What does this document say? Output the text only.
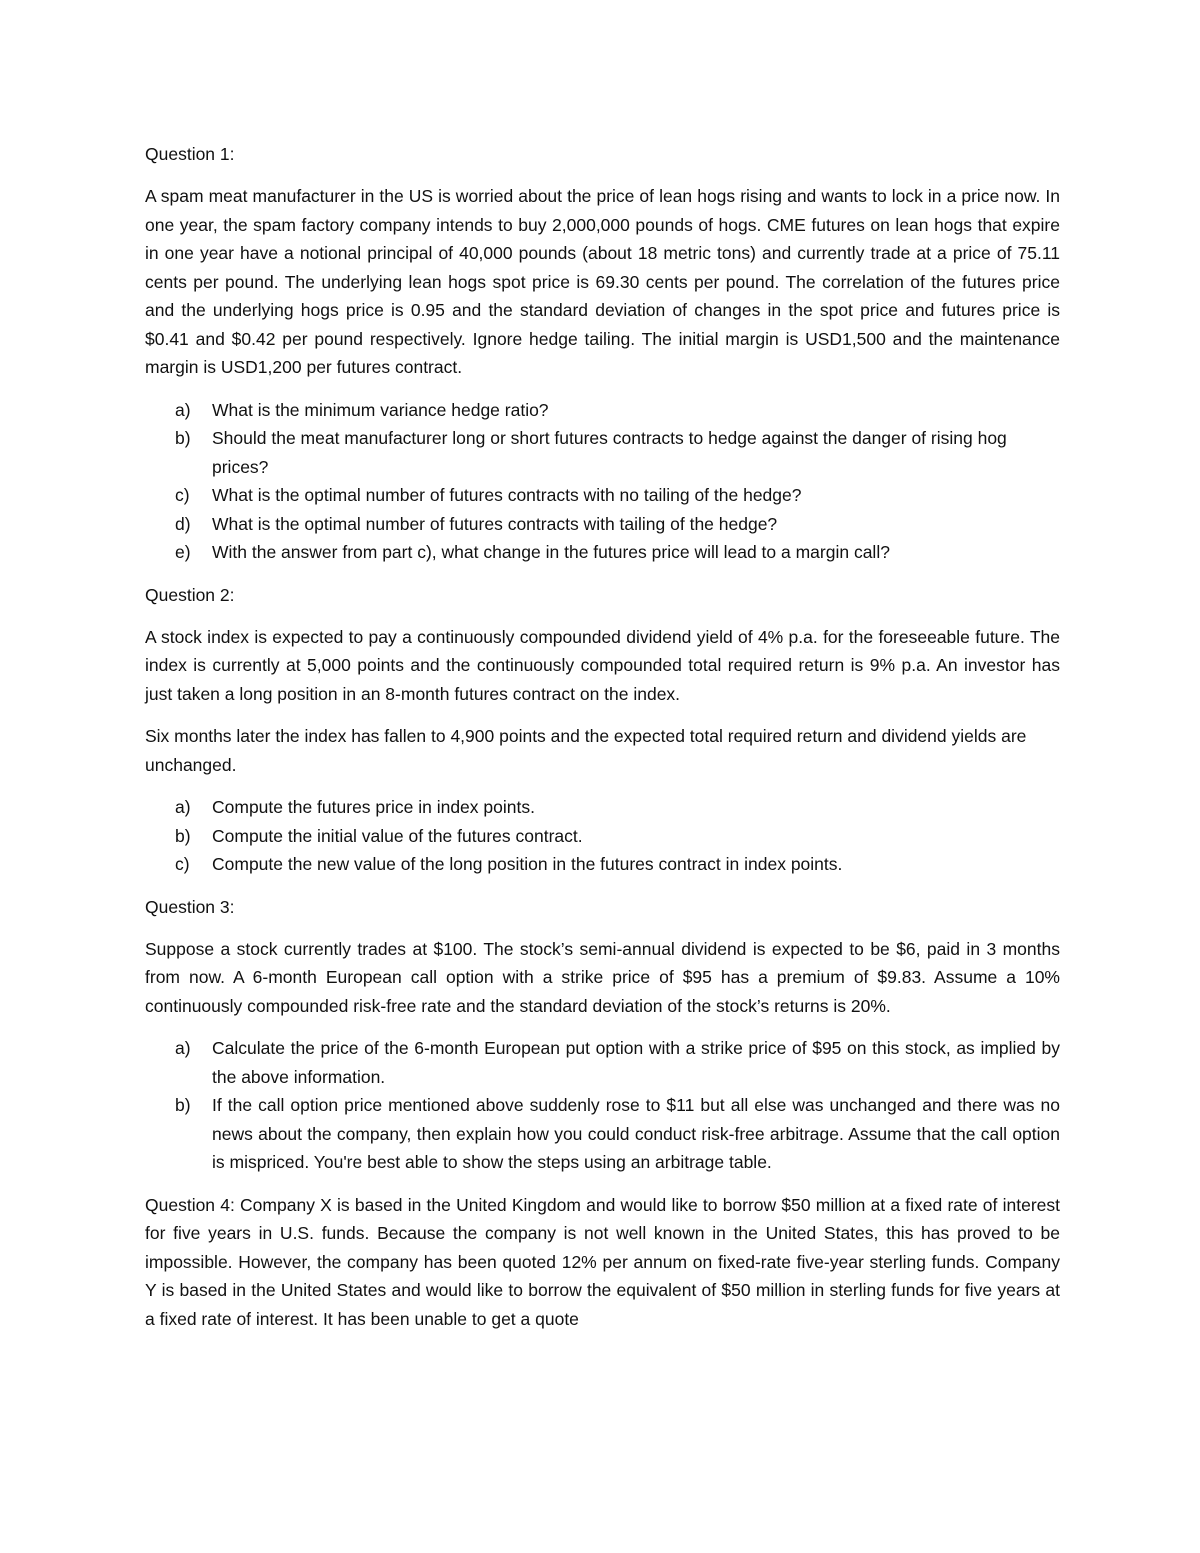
Question 1:

A spam meat manufacturer in the US is worried about the price of lean hogs rising and wants to lock in a price now. In one year, the spam factory company intends to buy 2,000,000 pounds of hogs. CME futures on lean hogs that expire in one year have a notional principal of 40,000 pounds (about 18 metric tons) and currently trade at a price of 75.11 cents per pound. The underlying lean hogs spot price is 69.30 cents per pound. The correlation of the futures price and the underlying hogs price is 0.95 and the standard deviation of changes in the spot price and futures price is $0.41 and $0.42 per pound respectively. Ignore hedge tailing. The initial margin is USD1,500 and the maintenance margin is USD1,200 per futures contract.

a)	What is the minimum variance hedge ratio?
b)	Should the meat manufacturer long or short futures contracts to hedge against the danger of rising hog prices?
c)	What is the optimal number of futures contracts with no tailing of the hedge?
d)	What is the optimal number of futures contracts with tailing of the hedge?
e)	With the answer from part c), what change in the futures price will lead to a margin call?

Question 2:

A stock index is expected to pay a continuously compounded dividend yield of 4% p.a. for the foreseeable future. The index is currently at 5,000 points and the continuously compounded total required return is 9% p.a. An investor has just taken a long position in an 8-month futures contract on the index.

Six months later the index has fallen to 4,900 points and the expected total required return and dividend yields are unchanged.

a)	Compute the futures price in index points.
b)	Compute the initial value of the futures contract.
c)	Compute the new value of the long position in the futures contract in index points.

Question 3:

Suppose a stock currently trades at $100. The stock’s semi-annual dividend is expected to be $6, paid in 3 months from now. A 6-month European call option with a strike price of $95 has a premium of $9.83. Assume a 10% continuously compounded risk-free rate and the standard deviation of the stock’s returns is 20%.

a)	Calculate the price of the 6-month European put option with a strike price of $95 on this stock, as implied by the above information.
b)	If the call option price mentioned above suddenly rose to $11 but all else was unchanged and there was no news about the company, then explain how you could conduct risk-free arbitrage. Assume that the call option is mispriced. You're best able to show the steps using an arbitrage table.

Question 4: Company X is based in the United Kingdom and would like to borrow $50 million at a fixed rate of interest for five years in U.S. funds. Because the company is not well known in the United States, this has proved to be impossible. However, the company has been quoted 12% per annum on fixed-rate five-year sterling funds. Company Y is based in the United States and would like to borrow the equivalent of $50 million in sterling funds for five years at a fixed rate of interest. It has been unable to get a quote
